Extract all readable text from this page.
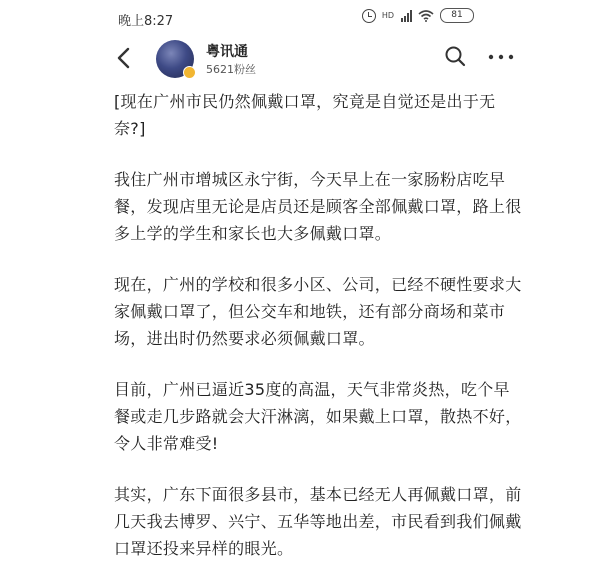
晚上8:27	HD	81
粤讯通
5621粉丝

[现在广州市民仍然佩戴口罩，究竟是自觉还是出于无奈?]

我住广州市增城区永宁街，今天早上在一家肠粉店吃早餐，发现店里无论是店员还是顾客全部佩戴口罩，路上很多上学的学生和家长也大多佩戴口罩。

现在，广州的学校和很多小区、公司，已经不硬性要求大家佩戴口罩了，但公交车和地铁，还有部分商场和菜市场，进出时仍然要求必须佩戴口罩。

目前，广州已逼近35度的高温，天气非常炎热，吃个早餐或走几步路就会大汗淋漓，如果戴上口罩，散热不好，令人非常难受!

其实，广东下面很多县市，基本已经无人再佩戴口罩，前几天我去博罗、兴宁、五华等地出差，市民看到我们佩戴口罩还投来异样的眼光。
